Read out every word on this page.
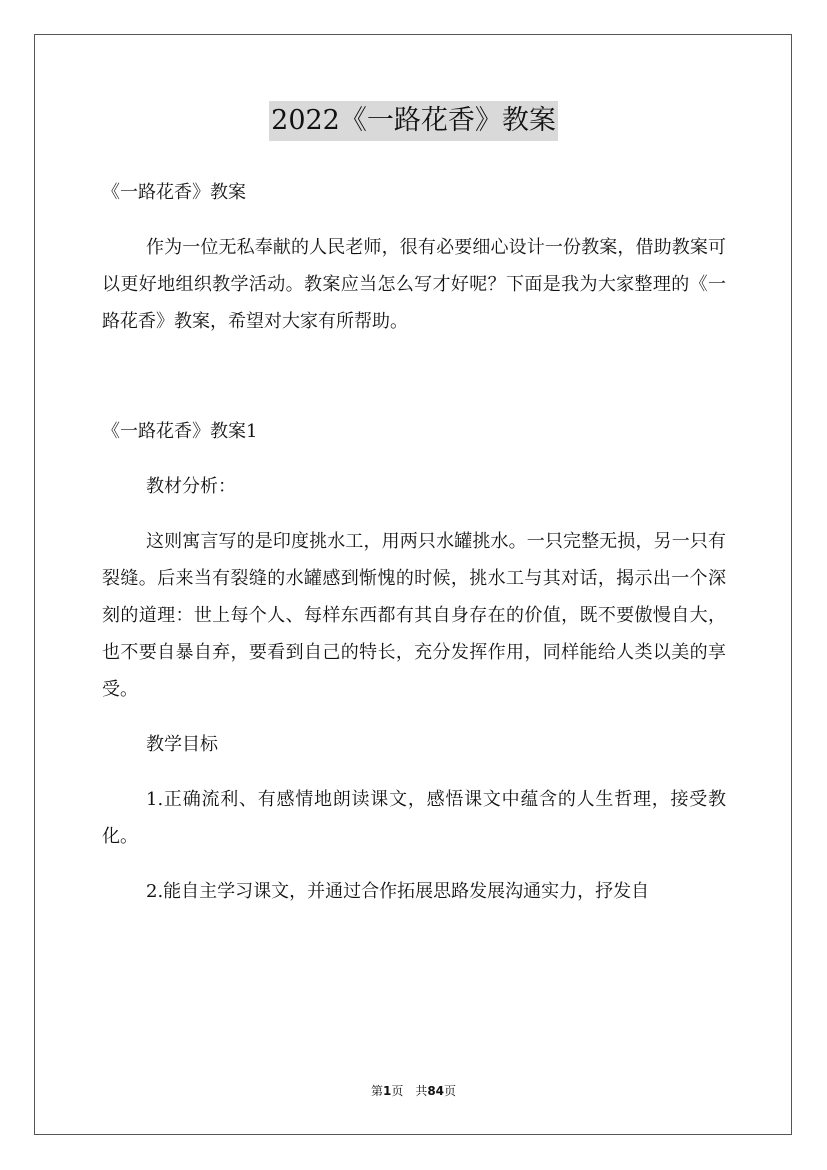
2022《一路花香》教案
《一路花香》教案
作为一位无私奉献的人民老师，很有必要细心设计一份教案，借助教案可以更好地组织教学活动。教案应当怎么写才好呢？下面是我为大家整理的《一路花香》教案，希望对大家有所帮助。
《一路花香》教案1
教材分析：
这则寓言写的是印度挑水工，用两只水罐挑水。一只完整无损，另一只有裂缝。后来当有裂缝的水罐感到惭愧的时候，挑水工与其对话，揭示出一个深刻的道理：世上每个人、每样东西都有其自身存在的价值，既不要傲慢自大，也不要自暴自弃，要看到自己的特长，充分发挥作用，同样能给人类以美的享受。
教学目标
1.正确流利、有感情地朗读课文，感悟课文中蕴含的人生哲理，接受教化。
2.能自主学习课文，并通过合作拓展思路发展沟通实力，抒发自
第1页　共84页
